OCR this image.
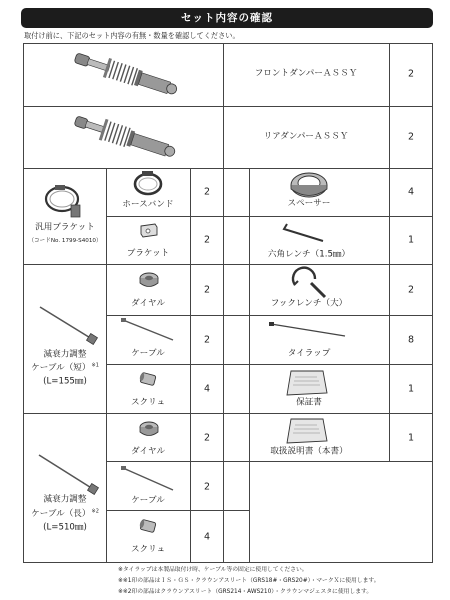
セット内容の確認
取付け前に、下記のセット内容の有無・数量を確認してください。
フロントダンパーＡＳＳＹ	2
リアダンパーＡＳＳＹ	2
汎用ブラケット
（コードNo. 1799-S4010）
ホースバンド
2
ブラケット
2
スペーサー
4
六角レンチ（1.5㎜）
1
減衰力調整
ケーブル（短）$^{※1}$
(L=155㎜)
ダイヤル
2
ケーブル
2
スクリュ
4
フックレンチ（大）
2
タイラップ
8
保証書
1
減衰力調整
ケーブル（長）$^{※2}$
(L=510㎜)
ダイヤル
2
ケーブル
2
スクリュ
4
取扱説明書（本書）
1
※タイラップは本製品取付け時、ケーブル等の固定に使用してください。
※※1印の部品はＩＳ・ＧＳ・クラウンアスリート（GRS18#・GRS20#）・マークＸに使用します。
※※2印の部品はクラウンアスリート（GRS214・AWS210）・クラウンマジェスタに使用します。
